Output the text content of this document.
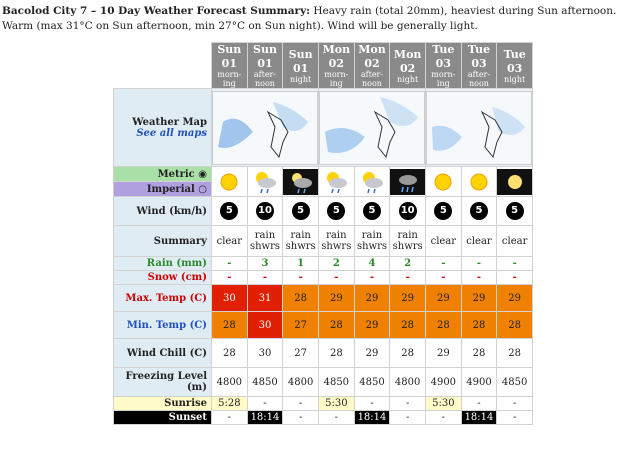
Bacolod City 7 – 10 Day Weather Forecast Summary: Heavy rain (total 20mm), heaviest during Sun afternoon. Warm (max 31°C on Sun afternoon, min 27°C on Sun night). Wind will be generally light.

	Sun
01
morn-ing	Sun
01
after-noon	Sun
01
night	Mon
02
morn-ing	Mon
02
after-noon	Mon
02
night	Tue
03
morn-ing	Tue
03
after-noon	Tue
03
night

Weather Map
See all maps

Metric ◉	

Imperial ○									
Wind (km/h)	5	10	5	5	5	10	5	5	5
Summary	clear	rain shwrs	rain shwrs	rain shwrs	rain shwrs	rain shwrs	clear	clear	clear
Rain (mm)	-	3	1	2	4	2	-	-	-
Snow (cm)	-	-	-	-	-	-	-	-	-
Max. Temp (C)	30	31	28	29	29	29	29	29	29
Min. Temp (C)	28	30	27	28	29	28	28	28	28
Wind Chill (C)	28	30	27	28	29	28	29	28	28
Freezing Level (m)	4800	4850	4800	4850	4850	4800	4900	4900	4850
Sunrise	5:28	-	-	5:30	-	-	5:30	-	-
Sunset	-	18:14	-	-	18:14	-	-	18:14	-
